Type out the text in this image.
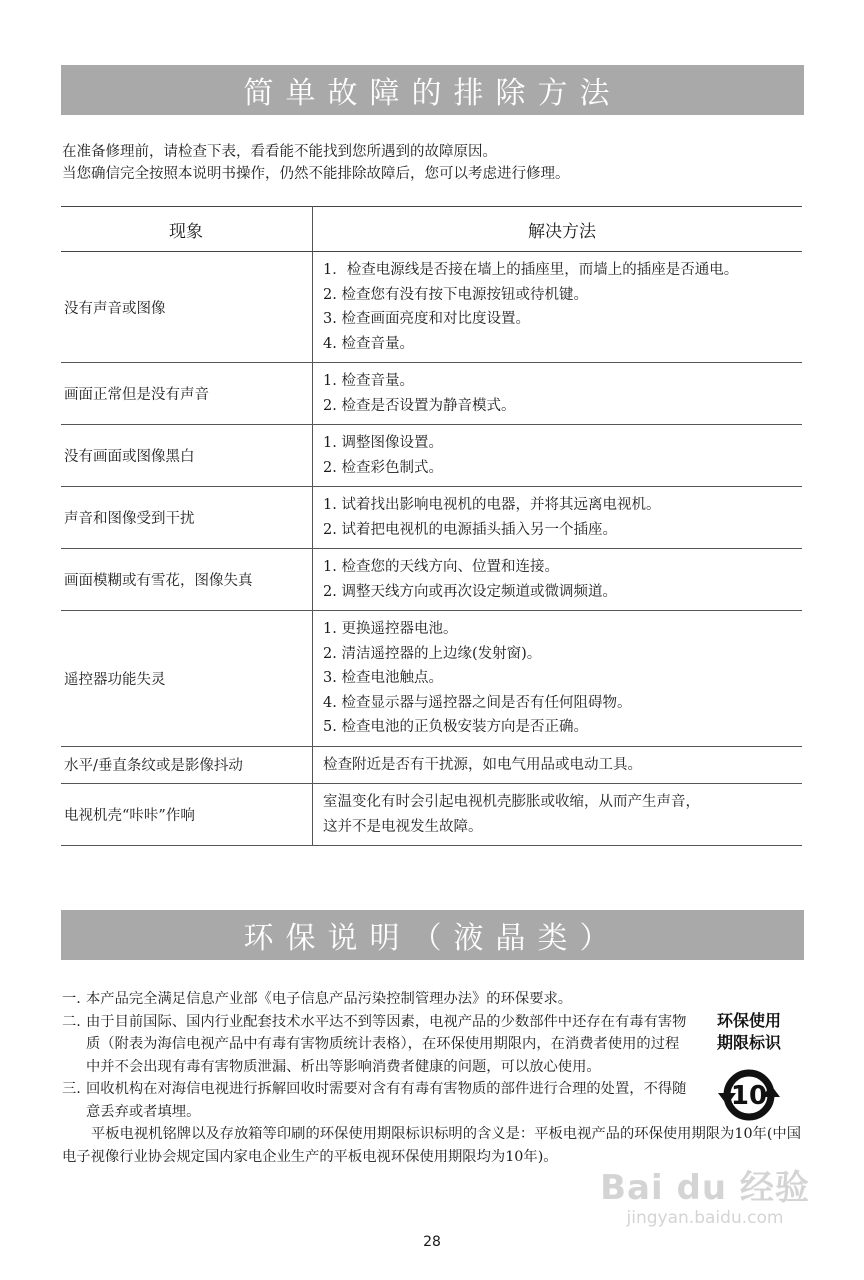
简单故障的排除方法

在准备修理前，请检查下表，看看能不能找到您所遇到的故障原因。

当您确信完全按照本说明书操作，仍然不能排除故障后，您可以考虑进行修理。

现象	解决方法
没有声音或图像	1．检查电源线是否接在墙上的插座里，而墙上的插座是否通电。
2. 检查您有没有按下电源按钮或待机键。
3. 检查画面亮度和对比度设置。
4. 检查音量。

画面正常但是没有声音	1. 检查音量。
2. 检查是否设置为静音模式。

没有画面或图像黑白	1. 调整图像设置。
2. 检查彩色制式。

声音和图像受到干扰	1. 试着找出影响电视机的电器，并将其远离电视机。
2. 试着把电视机的电源插头插入另一个插座。

画面模糊或有雪花，图像失真	1. 检查您的天线方向、位置和连接。
2. 调整天线方向或再次设定频道或微调频道。

遥控器功能失灵	1. 更换遥控器电池。
2. 清洁遥控器的上边缘(发射窗)。
3. 检查电池触点。
4. 检查显示器与遥控器之间是否有任何阻碍物。
5. 检查电池的正负极安装方向是否正确。

水平/垂直条纹或是影像抖动	检查附近是否有干扰源，如电气用品或电动工具。

电视机壳“咔咔”作响	室温变化有时会引起电视机壳膨胀或收缩，从而产生声音，
这并不是电视发生故障。
环保说明（液晶类）
一. 本产品完全满足信息产业部《电子信息产品污染控制管理办法》的环保要求。
二. 由于目前国际、国内行业配套技术水平达不到等因素，电视产品的少数部件中还存在有毒有害物质（附表为海信电视产品中有毒有害物质统计表格），在环保使用期限内，在消费者使用的过程中并不会出现有毒有害物质泄漏、析出等影响消费者健康的问题，可以放心使用。
三. 回收机构在对海信电视进行拆解回收时需要对含有有毒有害物质的部件进行合理的处置，不得随意丢弃或者填埋。

平板电视机铭牌以及存放箱等印刷的环保使用期限标识标明的含义是：平板电视产品的环保使用期限为10年(中国电子视像行业协会规定国内家电企业生产的平板电视环保使用期限均为10年)。

环保使用
期限标识
10
Bai du 经验
jingyan.baidu.com
28
